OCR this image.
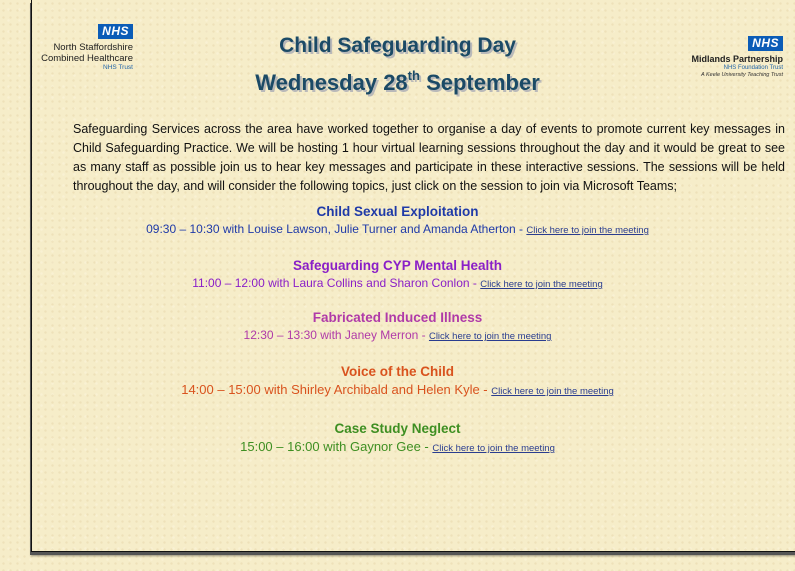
NHS
North Staffordshire
Combined Healthcare
NHS Trust
NHS
Midlands Partnership
NHS Foundation Trust
A Keele University Teaching Trust
Child Safeguarding Day
Wednesday 28th September
Safeguarding Services across the area have worked together to organise a day of events to promote current key messages in Child Safeguarding Practice. We will be hosting 1 hour virtual learning sessions throughout the day and it would be great to see as many staff as possible join us to hear key messages and participate in these interactive sessions. The sessions will be held throughout the day, and will consider the following topics, just click on the session to join via Microsoft Teams;
Child Sexual Exploitation
09:30 – 10:30 with Louise Lawson, Julie Turner and Amanda Atherton - Click here to join the meeting
Safeguarding CYP Mental Health
11:00 – 12:00 with Laura Collins and Sharon Conlon - Click here to join the meeting
Fabricated Induced Illness
12:30 – 13:30 with Janey Merron - Click here to join the meeting
Voice of the Child
14:00 – 15:00 with Shirley Archibald and Helen Kyle - Click here to join the meeting
Case Study Neglect
15:00 – 16:00 with Gaynor Gee - Click here to join the meeting
